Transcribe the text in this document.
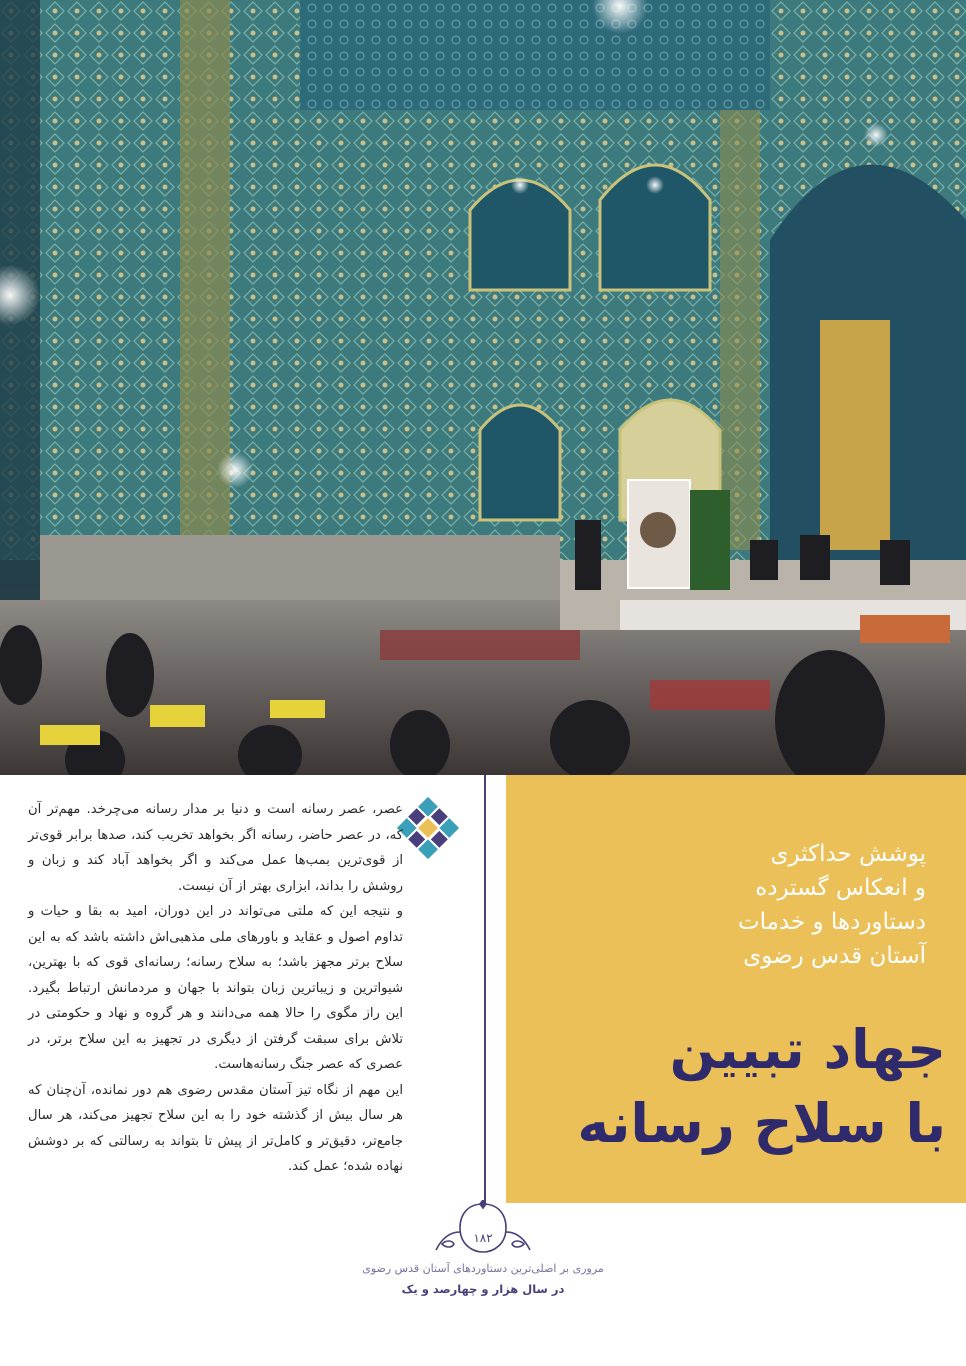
پوشش حداکثری
و انعکاس گسترده
دستاوردها و خدمات
آستان قدس رضوی
جهاد تبیین
با سلاح رسانه

عصر، عصر رسانه است و دنیا بر مدار رسانه می‌چرخد. مهم‌تر آن که، در عصر حاضر، رسانه اگر بخواهد تخریب کند، صدها برابر قوی‌تر از قوی‌ترین بمب‌ها عمل می‌کند و اگر بخواهد آباد کند و زبان و روشش را بداند، ابزاری بهتر از آن نیست.

و نتیجه این که ملتی می‌تواند در این دوران، امید به بقا و حیات و تداوم اصول و عقاید و باورهای ملی مذهبی‌اش داشته باشد که به این سلاح برتر مجهز باشد؛ به سلاح رسانه؛ رسانه‌ای قوی که با بهترین، شیواترین و زیباترین زبان بتواند با جهان و مردمانش ارتباط بگیرد. این راز مگوی را حالا همه می‌دانند و هر گروه و نهاد و حکومتی در تلاش برای سبقت گرفتن از دیگری در تجهیز به این سلاح برتر، در عصری که عصر جنگ رسانه‌هاست.

این مهم از نگاه تیز آستان مقدس رضوی هم دور نمانده، آن‌چنان که هر سال بیش از گذشته خود را به این سلاح تجهیز می‌کند، هر سال جامع‌تر، دقیق‌تر و کامل‌تر از پیش تا بتواند به رسالتی که بر دوشش نهاده شده؛ عمل کند.

۱۸۲
مروری بر اصلی‌ترین دستاوردهای آستان قدس رضوی
در سال هزار و چهارصد و یک
